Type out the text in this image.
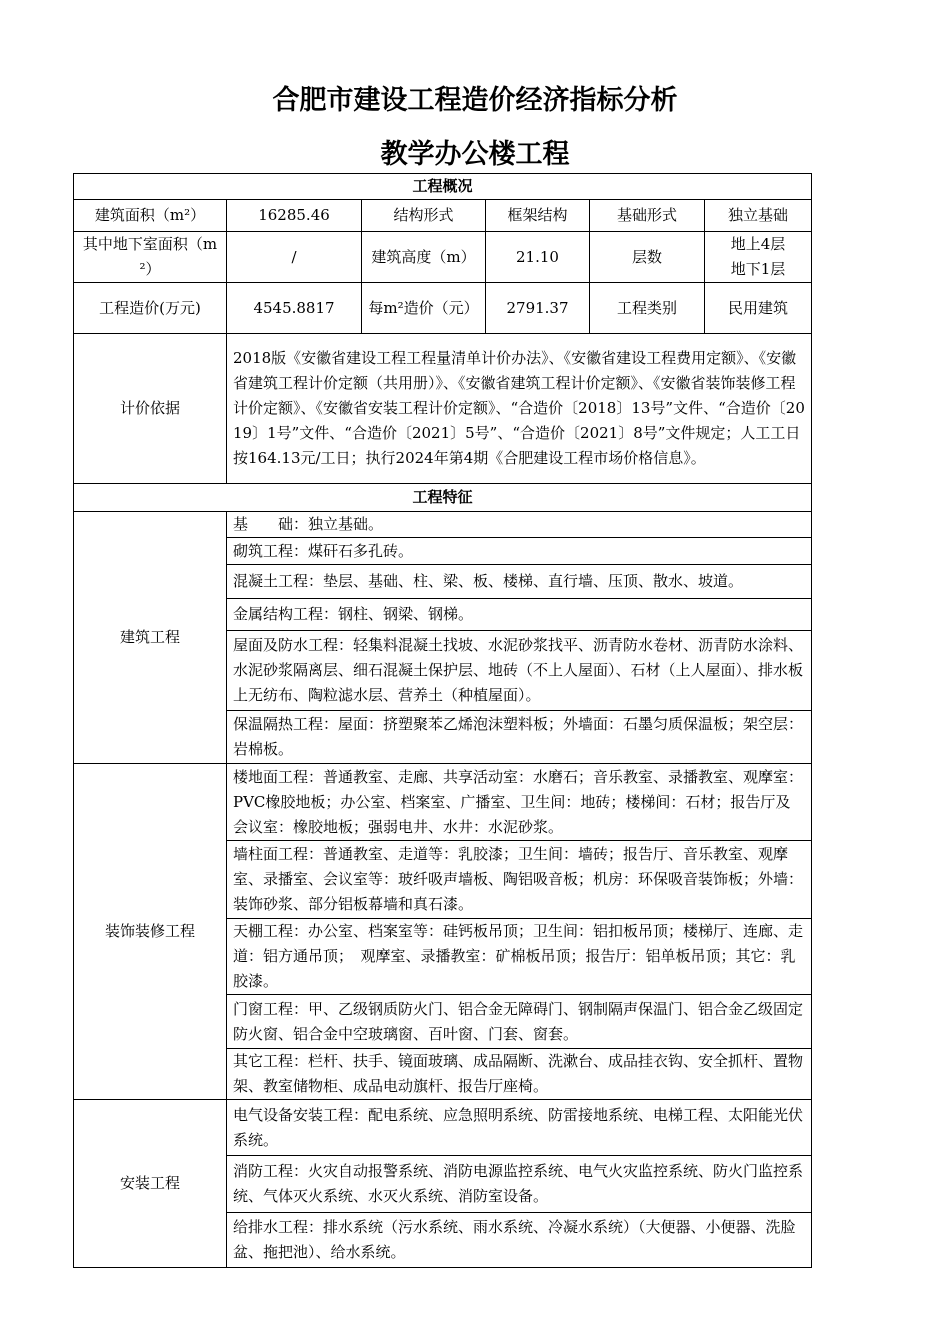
合肥市建设工程造价经济指标分析
教学办公楼工程
工程概况					
建筑面积（m²）	16285.46	结构形式	框架结构	基础形式	独立基础
其中地下室面积（m²）	/	建筑高度（m）	21.10	层数	地上4层
地下1层

工程造价(万元)	4545.8817	每m²造价（元）	2791.37	工程类别	民用建筑
计价依据	2018版《安徽省建设工程工程量清单计价办法》、《安徽省建设工程费用定额》、《安徽省建筑工程计价定额（共用册）》、《安徽省建筑工程计价定额》、《安徽省装饰装修工程计价定额》、《安徽省安装工程计价定额》、“合造价〔2018〕13号”文件、“合造价〔2019〕1号”文件、“合造价〔2021〕5号”、“合造价〔2021〕8号”文件规定；人工工日按164.13元/工日；执行2024年第4期《合肥建设工程市场价格信息》。				
工程特征					
建筑工程	基　　础：独立基础。				
	砌筑工程：煤矸石多孔砖。				
	混凝土工程：垫层、基础、柱、梁、板、楼梯、直行墙、压顶、散水、坡道。				
	金属结构工程：钢柱、钢梁、钢梯。				
	屋面及防水工程：轻集料混凝土找坡、水泥砂浆找平、沥青防水卷材、沥青防水涂料、水泥砂浆隔离层、细石混凝土保护层、地砖（不上人屋面）、石材（上人屋面）、排水板上无纺布、陶粒滤水层、营养土（种植屋面）。				
	保温隔热工程：屋面：挤塑聚苯乙烯泡沫塑料板；外墙面：石墨匀质保温板；架空层：岩棉板。				
装饰装修工程	楼地面工程：普通教室、走廊、共享活动室：水磨石；音乐教室、录播教室、观摩室：PVC橡胶地板；办公室、档案室、广播室、卫生间：地砖；楼梯间：石材；报告厅及会议室：橡胶地板；强弱电井、水井：水泥砂浆。				
	墙柱面工程：普通教室、走道等：乳胶漆；卫生间：墙砖；报告厅、音乐教室、观摩室、录播室、会议室等：玻纤吸声墙板、陶铝吸音板；机房：环保吸音装饰板；外墙：装饰砂浆、部分铝板幕墙和真石漆。				
	天棚工程：办公室、档案室等：硅钙板吊顶；卫生间：铝扣板吊顶；楼梯厅、连廊、走道：铝方通吊顶；　观摩室、录播教室：矿棉板吊顶；报告厅：铝单板吊顶；其它：乳胶漆。				
	门窗工程：甲、乙级钢质防火门、铝合金无障碍门、钢制隔声保温门、铝合金乙级固定防火窗、铝合金中空玻璃窗、百叶窗、门套、窗套。				
	其它工程：栏杆、扶手、镜面玻璃、成品隔断、洗漱台、成品挂衣钩、安全抓杆、置物架、教室储物柜、成品电动旗杆、报告厅座椅。				
安装工程	电气设备安装工程：配电系统、应急照明系统、防雷接地系统、电梯工程、太阳能光伏系统。				
	消防工程：火灾自动报警系统、消防电源监控系统、电气火灾监控系统、防火门监控系统、气体灭火系统、水灭火系统、消防室设备。				
	给排水工程：排水系统（污水系统、雨水系统、冷凝水系统）（大便器、小便器、洗脸盆、拖把池）、给水系统。				
